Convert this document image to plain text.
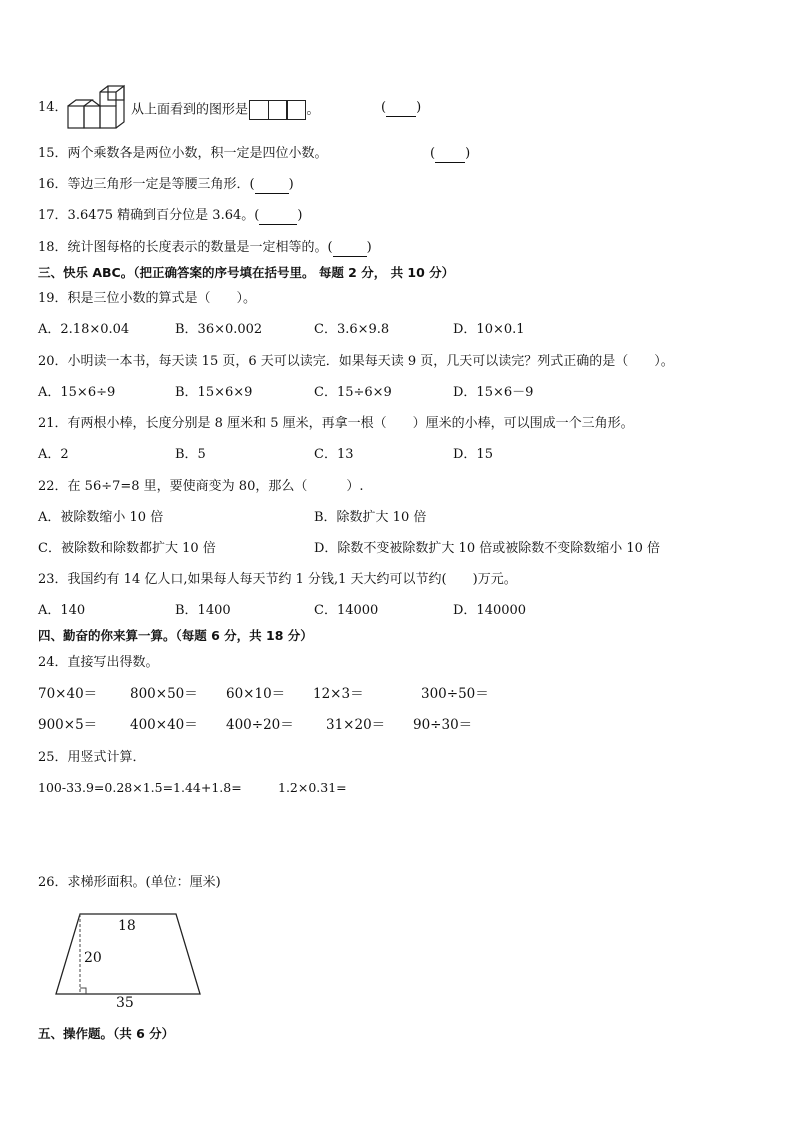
14．	从上面看到的图形是	。	( )
15．两个乘数各是两位小数，积一定是四位小数。	( )
16．等边三角形一定是等腰三角形．(	)
17．3.6475 精确到百分位是 3.64。(	)
18．统计图每格的长度表示的数量是一定相等的。(	)
三、快乐 ABC。（把正确答案的序号填在括号里。 每题 2 分， 共 10 分）
19．积是三位小数的算式是（　　）。
A．2.18×0.04	B．36×0.002	C．3.6×9.8	D．10×0.1
20．小明读一本书，每天读 15 页，6 天可以读完．如果每天读 9 页，几天可以读完？列式正确的是（　　）。
A．15×6÷9	B．15×6×9	C．15÷6×9	D．15×6－9
21．有两根小棒，长度分别是 8 厘米和 5 厘米，再拿一根（　　）厘米的小棒，可以围成一个三角形。
A．2	B．5	C．13	D．15
22．在 56÷7=8 里，要使商变为 80，那么（　　　）.
A．被除数缩小 10 倍	B．除数扩大 10 倍
C．被除数和除数都扩大 10 倍	D．除数不变被除数扩大 10 倍或被除数不变除数缩小 10 倍
23．我国约有 14 亿人口,如果每人每天节约 1 分钱,1 天大约可以节约(　　)万元。
A．140	B．1400	C．14000	D．140000
四、勤奋的你来算一算。（每题 6 分，共 18 分）
24．直接写出得数。
70×40＝ 800×50＝ 60×10＝ 12×3＝	300÷50＝
900×5＝ 400×40＝ 400÷20＝ 31×20＝ 90÷30＝
25．用竖式计算．
100-33.9=0.28×1.5=1.44+1.8=	1.2×0.31=
26．求梯形面积。(单位：厘米)
18
20
35
五、操作题。（共 6 分）
